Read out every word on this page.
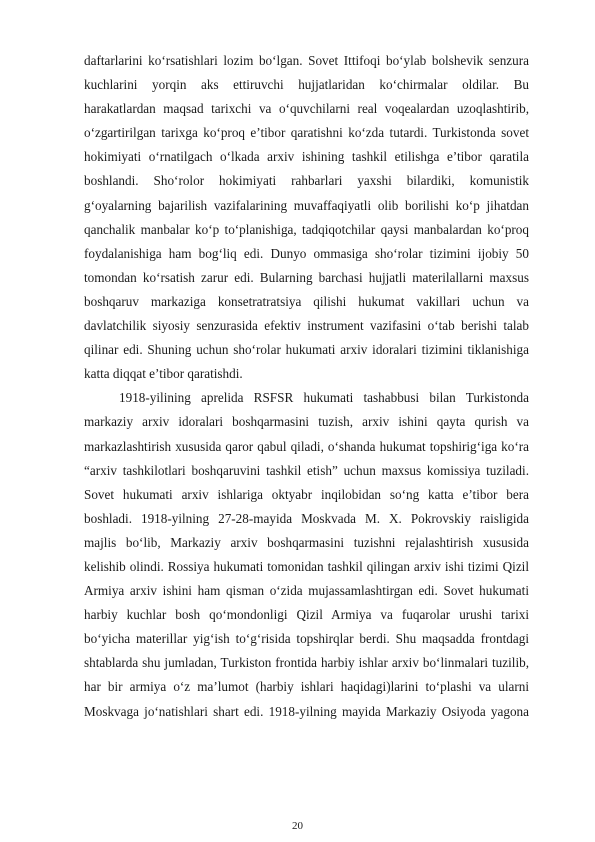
daftarlarini ko‘rsatishlari lozim bo‘lgan. Sovet Ittifoqi bo‘ylab bolshevik senzura
kuchlarini yorqin aks ettiruvchi hujjatlaridan ko‘chirmalar oldilar. Bu
harakatlardan maqsad tarixchi va o‘quvchilarni real voqealardan uzoqlashtirib,
o‘zgartirilgan tarixga ko‘proq e’tibor qaratishni ko‘zda tutardi. Turkistonda sovet
hokimiyati o‘rnatilgach o‘lkada arxiv ishining tashkil etilishga e’tibor qaratila
boshlandi. Sho‘rolor hokimiyati rahbarlari yaxshi bilardiki, komunistik
g‘oyalarning bajarilish vazifalarining muvaffaqiyatli olib borilishi ko‘p jihatdan
qanchalik manbalar ko‘p to‘planishiga, tadqiqotchilar qaysi manbalardan ko‘proq
foydalanishiga ham bog‘liq edi. Dunyo ommasiga sho‘rolar tizimini ijobiy 50
tomondan ko‘rsatish zarur edi. Bularning barchasi hujjatli materilallarni maxsus
boshqaruv markaziga konsetratratsiya qilishi hukumat vakillari uchun va
davlatchilik siyosiy senzurasida efektiv instrument vazifasini o‘tab berishi talab
qilinar edi. Shuning uchun sho‘rolar hukumati arxiv idoralari tizimini tiklanishiga
katta diqqat e’tibor qaratishdi.
1918-yilining aprelida RSFSR hukumati tashabbusi bilan Turkistonda
markaziy arxiv idoralari boshqarmasini tuzish, arxiv ishini qayta qurish va
markazlashtirish xususida qaror qabul qiladi, o‘shanda hukumat topshirig‘iga ko‘ra
“arxiv tashkilotlari boshqaruvini tashkil etish” uchun maxsus komissiya tuziladi.
Sovet hukumati arxiv ishlariga oktyabr inqilobidan so‘ng katta e’tibor bera
boshladi. 1918-yilning 27-28-mayida Moskvada M. X. Pokrovskiy raisligida
majlis bo‘lib, Markaziy arxiv boshqarmasini tuzishni rejalashtirish xususida
kelishib olindi. Rossiya hukumati tomonidan tashkil qilingan arxiv ishi tizimi Qizil
Armiya arxiv ishini ham qisman o‘zida mujassamlashtirgan edi. Sovet hukumati
harbiy kuchlar bosh qo‘mondonligi Qizil Armiya va fuqarolar urushi tarixi
bo‘yicha materillar yig‘ish to‘g‘risida topshirqlar berdi. Shu maqsadda frontdagi
shtablarda shu jumladan, Turkiston frontida harbiy ishlar arxiv bo‘linmalari tuzilib,
har bir armiya o‘z ma’lumot (harbiy ishlari haqidagi)larini to‘plashi va ularni
Moskvaga jo‘natishlari shart edi. 1918-yilning mayida Markaziy Osiyoda yagona
20
